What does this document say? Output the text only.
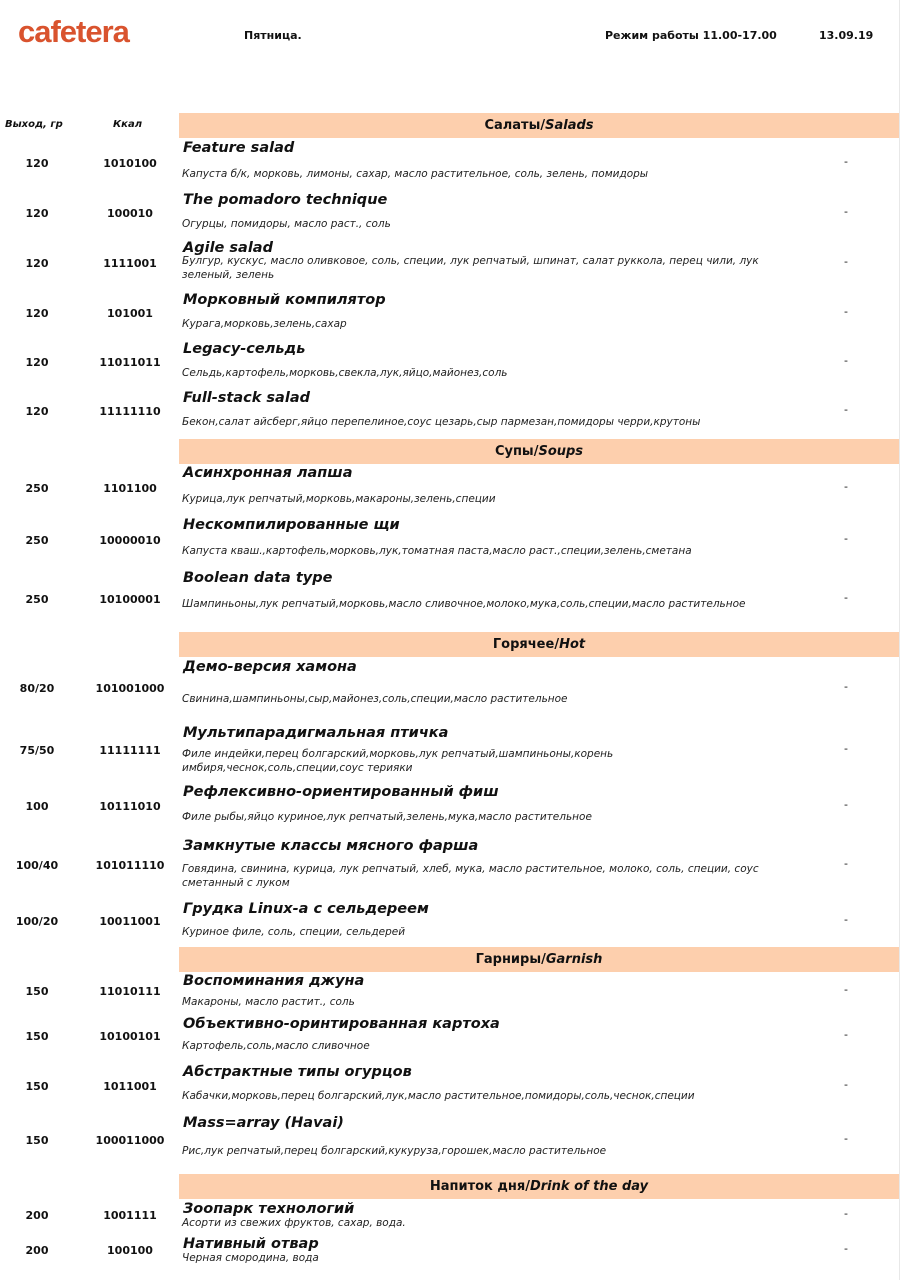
cafetera	Пятница.	Режим работы 11.00-17.00	13.09.19
Выход, гр	Ккал	Салаты/Salads
120	1010100
Feature salad
Капуста б/к, морковь, лимоны, сахар, масло растительное, соль, зелень, помидоры
-
120	100010
The pomadoro technique
Огурцы, помидоры, масло раст., соль
-
120	1111001
Agile salad
Булгур, кускус, масло оливковое, соль, специи, лук репчатый, шпинат, салат руккола, перец чили, лук зеленый, зелень
-
120	101001
Морковный компилятор
Курага,морковь,зелень,сахар
-
120	11011011
Legacy-сельдь
Сельдь,картофель,морковь,свекла,лук,яйцо,майонез,соль
-
120	11111110
Full-stack salad
Бекон,салат айсберг,яйцо перепелиное,соус цезарь,сыр пармезан,помидоры черри,крутоны
-
Супы/Soups
250	1101100
Асинхронная лапша
Курица,лук репчатый,морковь,макароны,зелень,специи
-
250	10000010
Нескомпилированные щи
Капуста кваш.,картофель,морковь,лук,томатная паста,масло раст.,специи,зелень,сметана
-
250	10100001
Boolean data type
Шампиньоны,лук репчатый,морковь,масло сливочное,молоко,мука,соль,специи,масло растительное	-
Горячее/Hot
80/20	101001000
Демо-версия хамона
Свинина,шампиньоны,сыр,майонез,соль,специи,масло растительное
-
75/50	11111111
Мультипарадигмальная птичка
Филе индейки,перец болгарский,морковь,лук репчатый,шампиньоны,корень имбиря,чеснок,соль,специи,соус терияки
-
100	10111010
Рефлексивно-ориентированный фиш
Филе рыбы,яйцо куриное,лук репчатый,зелень,мука,масло растительное
-
100/40	101011110
Замкнутые классы мясного фарша
Говядина, свинина, курица, лук репчатый, хлеб, мука, масло растительное, молоко, соль, специи, соус сметанный с луком
-
100/20	10011001
Грудка Linux-а с сельдереем
Куриное филе, соль, специи, сельдерей
-
Гарниры/Garnish
150	11010111
Воспоминания джуна
Макароны, масло растит., соль
-
150	10100101
Объективно-оринтированная картоха
Картофель,соль,масло сливочное
-
150	1011001
Абстрактные типы огурцов
Кабачки,морковь,перец болгарский,лук,масло растительное,помидоры,соль,чеснок,специи
-
150	100011000
Mass=array (Havai)
Рис,лук репчатый,перец болгарский,кукуруза,горошек,масло растительное
-
Напиток дня/Drink of the day
200	1001111	Зоопарк технологий
Асорти из свежих фруктов, сахар, вода.
-
200	100100	Нативный отвар
Черная смородина, вода
-
